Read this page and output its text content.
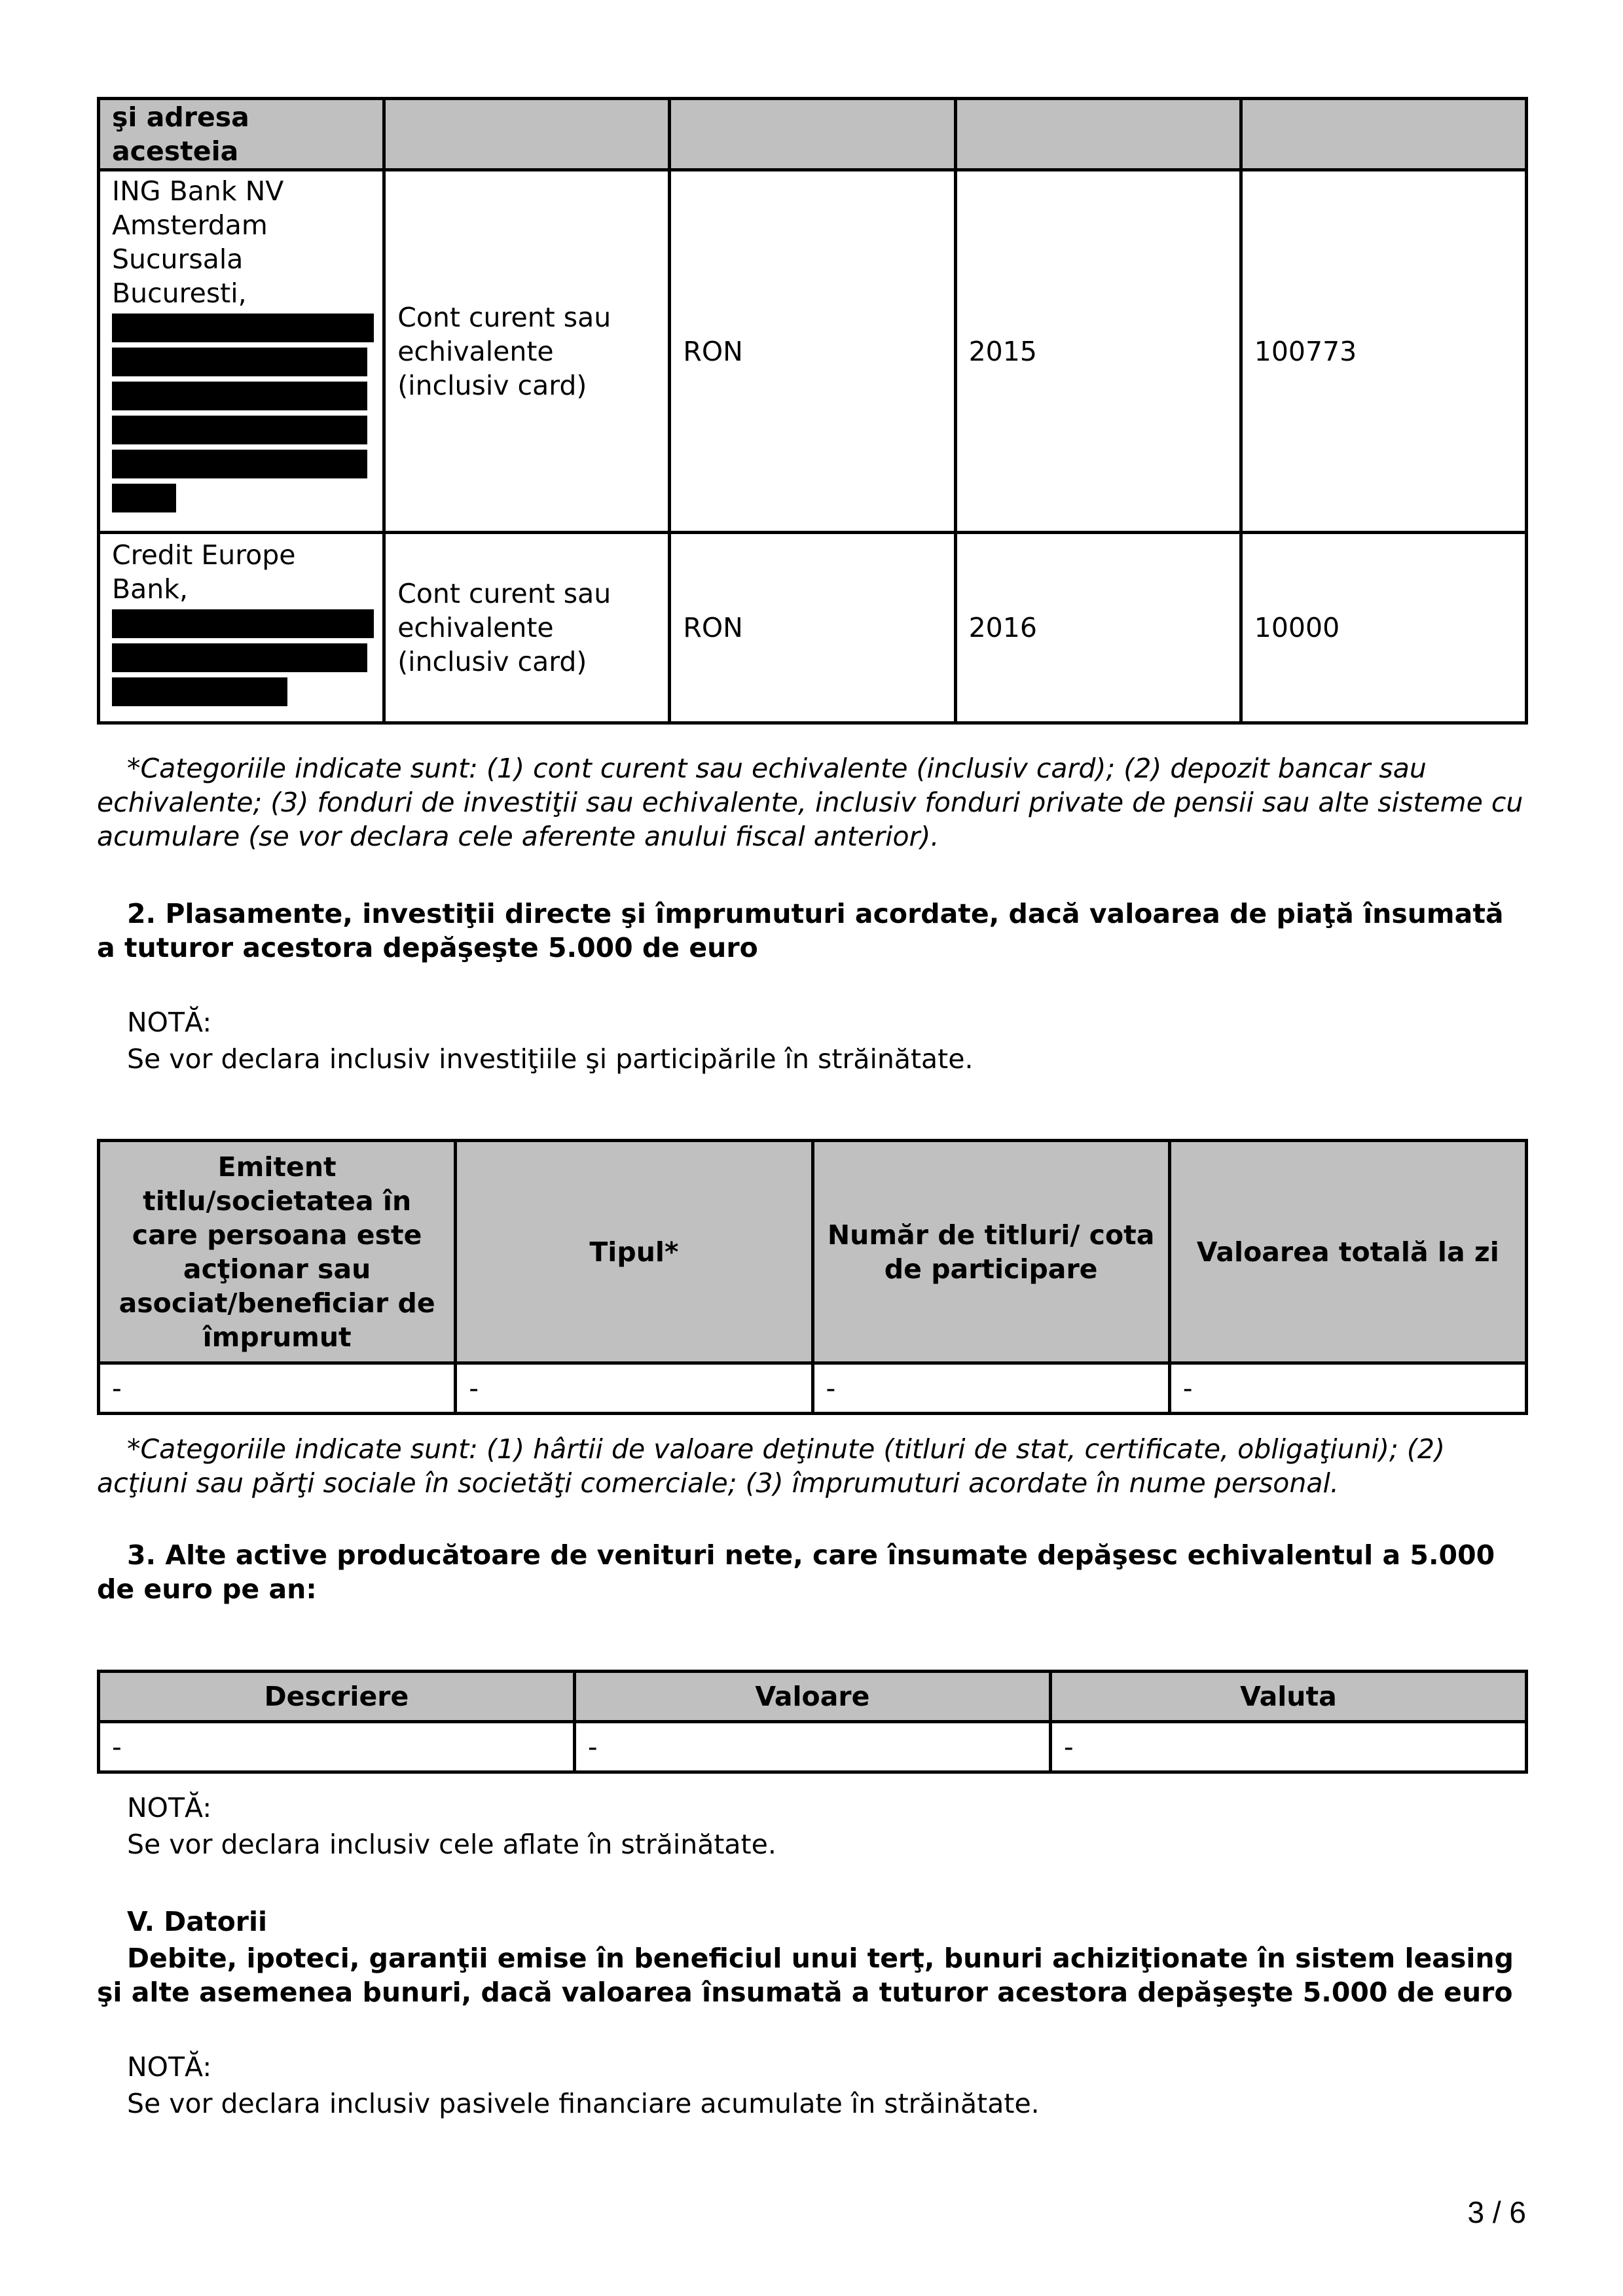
şi adresa acesteia				

ING Bank NV Amsterdam Sucursala Bucuresti,	Cont curent sau echivalente (inclusiv card)	RON	2015	100773

Credit Europe Bank,	Cont curent sau echivalente (inclusiv card)	RON	2016	10000
*Categoriile indicate sunt: (1) cont curent sau echivalente (inclusiv card); (2) depozit bancar sau echivalente; (3) fonduri de investiţii sau echivalente, inclusiv fonduri private de pensii sau alte sisteme cu acumulare (se vor declara cele aferente anului fiscal anterior).
2. Plasamente, investiţii directe şi împrumuturi acordate, dacă valoarea de piaţă însumată a tuturor acestora depăşeşte 5.000 de euro
NOTĂ:
Se vor declara inclusiv investiţiile şi participările în străinătate.
Emitent titlu/societatea în care persoana este acţionar sau asociat/beneficiar de împrumut	Tipul*	Număr de titluri/ cota de participare	Valoarea totală la zi
-	-	-	-
*Categoriile indicate sunt: (1) hârtii de valoare deţinute (titluri de stat, certificate, obligaţiuni); (2) acţiuni sau părţi sociale în societăţi comerciale; (3) împrumuturi acordate în nume personal.
3. Alte active producătoare de venituri nete, care însumate depăşesc echivalentul a 5.000 de euro pe an:
Descriere	Valoare	Valuta
-	-	-
NOTĂ:
Se vor declara inclusiv cele aflate în străinătate.
V. Datorii
Debite, ipoteci, garanţii emise în beneficiul unui terţ, bunuri achiziţionate în sistem leasing şi alte asemenea bunuri, dacă valoarea însumată a tuturor acestora depăşeşte 5.000 de euro
NOTĂ:
Se vor declara inclusiv pasivele financiare acumulate în străinătate.
3 / 6
